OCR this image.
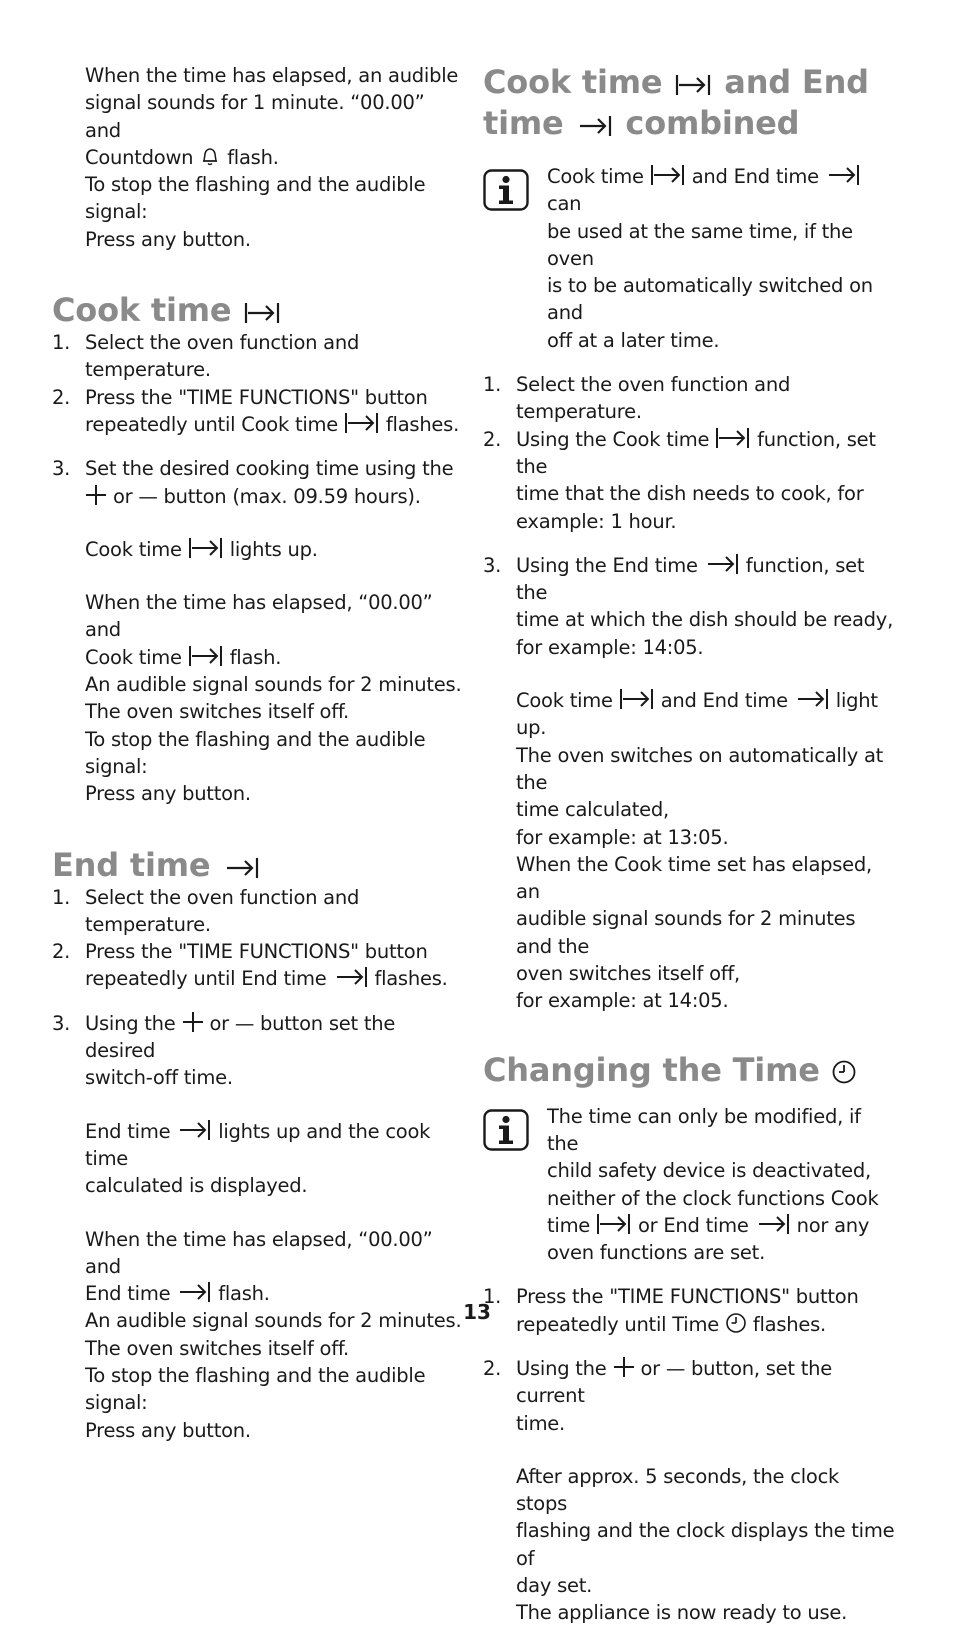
When the time has elapsed, an audible
signal sounds for 1 minute. “00.00” and
Countdown flash.
To stop the flashing and the audible signal:
Press any button.
Cook time
1. Select the oven function and temperature.
2. Press the "TIME FUNCTIONS" button
repeatedly until Cook time flashes.
3. Set the desired cooking time using the
or — button (max. 09.59 hours).
Cook time lights up.
When the time has elapsed, “00.00” and
Cook time flash.
An audible signal sounds for 2 minutes.
The oven switches itself off.
To stop the flashing and the audible signal:
Press any button.
End time
1. Select the oven function and temperature.
2. Press the "TIME FUNCTIONS" button
repeatedly until End time flashes.
3. Using the or — button set the desired
switch-off time.
End time lights up and the cook time
calculated is displayed.
When the time has elapsed, “00.00” and
End time flash.
An audible signal sounds for 2 minutes.
The oven switches itself off.
To stop the flashing and the audible signal:
Press any button.
Cook time and End
time combined
Cook time and End time  can
be used at the same time, if the oven
is to be automatically switched on and
off at a later time.
1. Select the oven function and temperature.
2. Using the Cook time function, set the
time that the dish needs to cook, for
example: 1 hour.
3. Using the End time function, set the
time at which the dish should be ready,
for example: 14:05.
Cook time and End time light up.
The oven switches on automatically at the
time calculated,
for example: at 13:05.
When the Cook time set has elapsed, an
audible signal sounds for 2 minutes and the
oven switches itself off,
for example: at 14:05.
Changing the Time
The time can only be modified, if the
child safety device is deactivated,
neither of the clock functions Cook
time or End time nor any
oven functions are set.
1. Press the "TIME FUNCTIONS" button
repeatedly until Time flashes.
2. Using the or — button, set the current
time.
After approx. 5 seconds, the clock stops
flashing and the clock displays the time of
day set.
The appliance is now ready to use.
13
